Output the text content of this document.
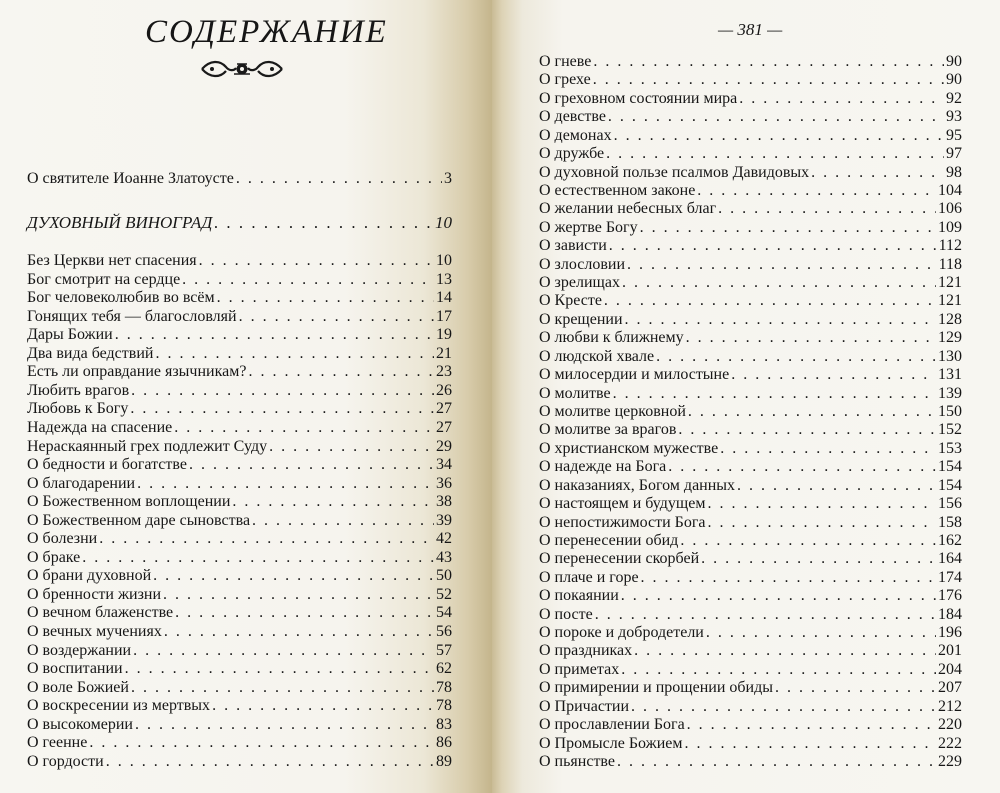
СОДЕРЖАНИЕ
О святителе Иоанне Златоусте . . .	3
ДУХОВНЫЙ ВИНОГРАД . . .	10
Без Церкви нет спасения . . .	10
Бог смотрит на сердце . . .	13
Бог человеколюбив во всём . . .	14
Гонящих тебя — благословляй . . .	17
Дары Божии . . .	19
Два вида бедствий . . .	21
Есть ли оправдание язычникам? . . .	23
Любить врагов . . .	26
Любовь к Богу . . .	27
Надежда на спасение . . .	27
Нераскаянный грех подлежит Суду . . .	29
О бедности и богатстве . . .	34
О благодарении . . .	36
О Божественном воплощении . . .	38
О Божественном даре сыновства . . .	39
О болезни . . .	42
О браке . . .	43
О брани духовной . . .	50
О бренности жизни . . .	52
О вечном блаженстве . . .	54
О вечных мучениях . . .	56
О воздержании . . .	57
О воспитании . . .	62
О воле Божией . . .	78
О воскресении из мертвых . . .	78
О высокомерии . . .	83
О геенне . . .	86
О гордости . . .	89
— 381 —
О гневе . . .	90
О грехе . . .	90
О греховном состоянии мира . . .	92
О девстве . . .	93
О демонах . . .	95
О дружбе . . .	97
О духовной пользе псалмов Давидовых . . .	98
О естественном законе . . .	104
О желании небесных благ . . .	106
О жертве Богу . . .	109
О зависти . . .	112
О злословии . . .	118
О зрелищах . . .	121
О Кресте . . .	121
О крещении . . .	128
О любви к ближнему . . .	129
О людской хвале . . .	130
О милосердии и милостыне . . .	131
О молитве . . .	139
О молитве церковной . . .	150
О молитве за врагов . . .	152
О христианском мужестве . . .	153
О надежде на Бога . . .	154
О наказаниях, Богом данных . . .	154
О настоящем и будущем . . .	156
О непостижимости Бога . . .	158
О перенесении обид . . .	162
О перенесении скорбей . . .	164
О плаче и горе . . .	174
О покаянии . . .	176
О посте . . .	184
О пороке и добродетели . . .	196
О праздниках . . .	201
О приметах . . .	204
О примирении и прощении обиды . . .	207
О Причастии . . .	212
О прославлении Бога . . .	220
О Промысле Божием . . .	222
О пьянстве . . .	229
